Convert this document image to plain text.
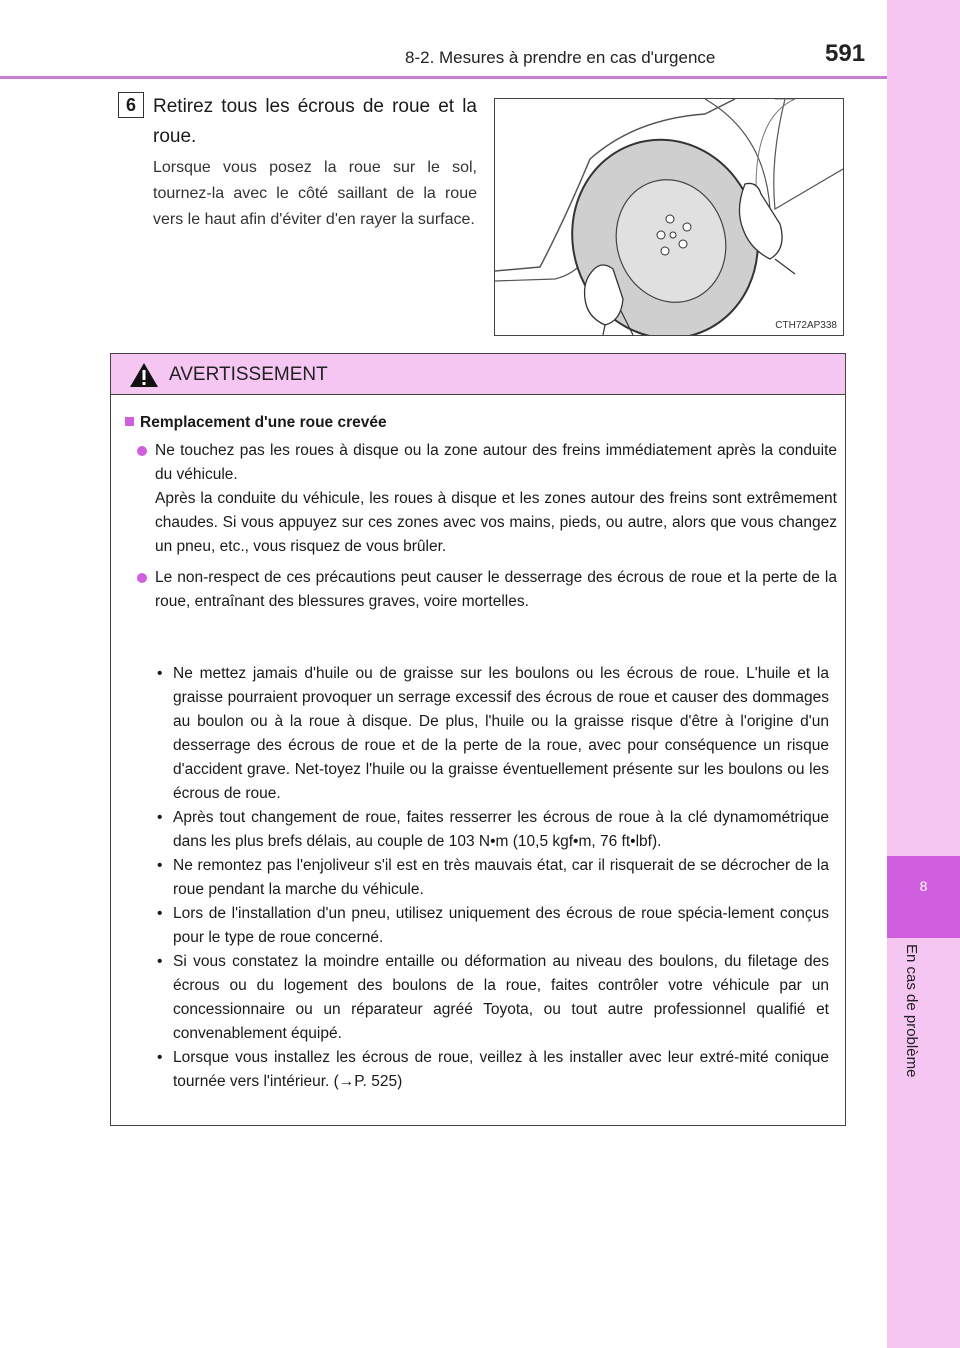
8
En cas de problème
8-2. Mesures à prendre en cas d'urgence	591
6 Retirez tous les écrous de roue et la roue.
Lorsque vous posez la roue sur le sol, tournez-la avec le côté saillant de la roue vers le haut afin d'éviter d'en rayer la surface.
CTH72AP338
AVERTISSEMENT
Remplacement d'une roue crevée
Ne touchez pas les roues à disque ou la zone autour des freins immédiatement après la conduite du véhicule.
Après la conduite du véhicule, les roues à disque et les zones autour des freins sont extrêmement chaudes. Si vous appuyez sur ces zones avec vos mains, pieds, ou autre, alors que vous changez un pneu, etc., vous risquez de vous brûler.
Le non-respect de ces précautions peut causer le desserrage des écrous de roue et la perte de la roue, entraînant des blessures graves, voire mortelles.

• Ne mettez jamais d'huile ou de graisse sur les boulons ou les écrous de roue. L'huile et la graisse pourraient provoquer un serrage excessif des écrous de roue et causer des dommages au boulon ou à la roue à disque. De plus, l'huile ou la graisse risque d'être à l'origine d'un desserrage des écrous de roue et de la perte de la roue, avec pour conséquence un risque d'accident grave. Net-toyez l'huile ou la graisse éventuellement présente sur les boulons ou les écrous de roue.

• Après tout changement de roue, faites resserrer les écrous de roue à la clé dynamométrique dans les plus brefs délais, au couple de 103 N•m (10,5 kgf•m, 76 ft•lbf).

• Ne remontez pas l'enjoliveur s'il est en très mauvais état, car il risquerait de se décrocher de la roue pendant la marche du véhicule.

• Lors de l'installation d'un pneu, utilisez uniquement des écrous de roue spécia-lement conçus pour le type de roue concerné.

• Si vous constatez la moindre entaille ou déformation au niveau des boulons, du filetage des écrous ou du logement des boulons de la roue, faites contrôler votre véhicule par un concessionnaire ou un réparateur agréé Toyota, ou tout autre professionnel qualifié et convenablement équipé.

• Lorsque vous installez les écrous de roue, veillez à les installer avec leur extré-mité conique tournée vers l'intérieur. (→P. 525)
